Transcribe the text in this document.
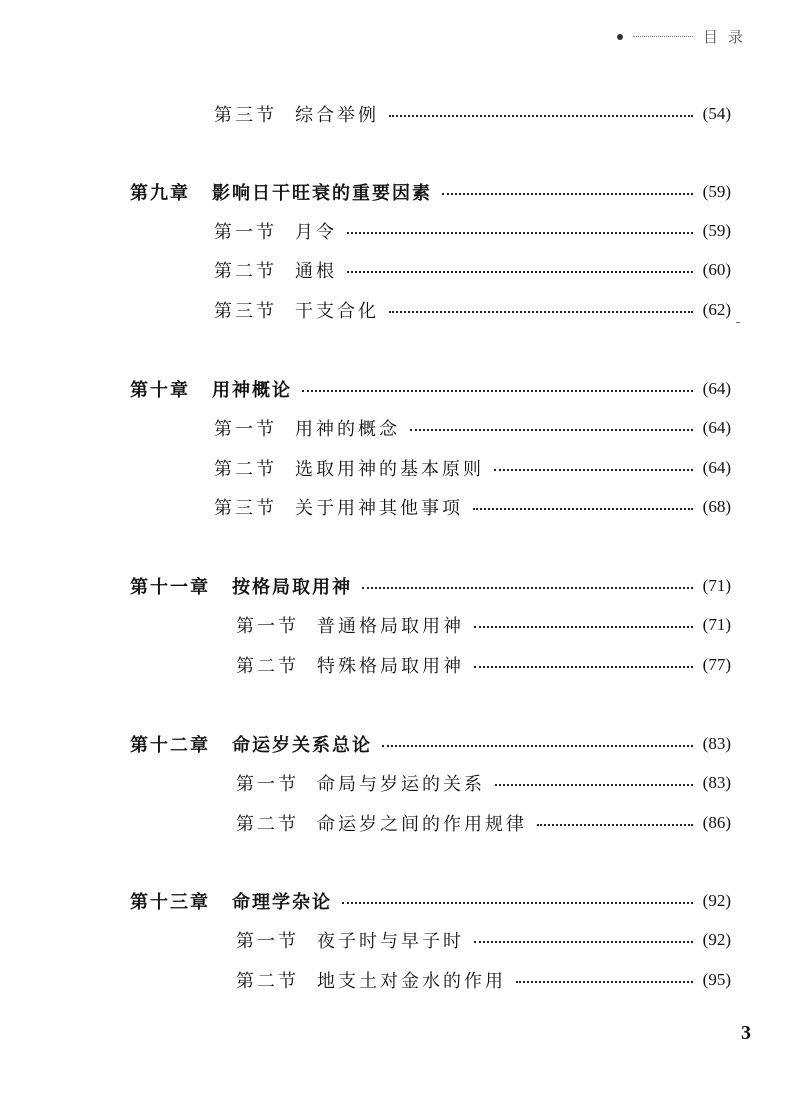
目录
第三节 综合举例	(54)
第九章 影响日干旺衰的重要因素	(59)
第一节 月令	(59)
第二节 通根	(60)
第三节 干支合化	(62)
第十章 用神概论	(64)
第一节 用神的概念	(64)
第二节 选取用神的基本原则	(64)
第三节 关于用神其他事项	(68)
第十一章 按格局取用神	(71)
第一节 普通格局取用神	(71)
第二节 特殊格局取用神	(77)
第十二章 命运岁关系总论	(83)
第一节 命局与岁运的关系	(83)
第二节 命运岁之间的作用规律	(86)
第十三章 命理学杂论	(92)
第一节 夜子时与早子时	(92)
第二节 地支土对金水的作用	(95)
3
